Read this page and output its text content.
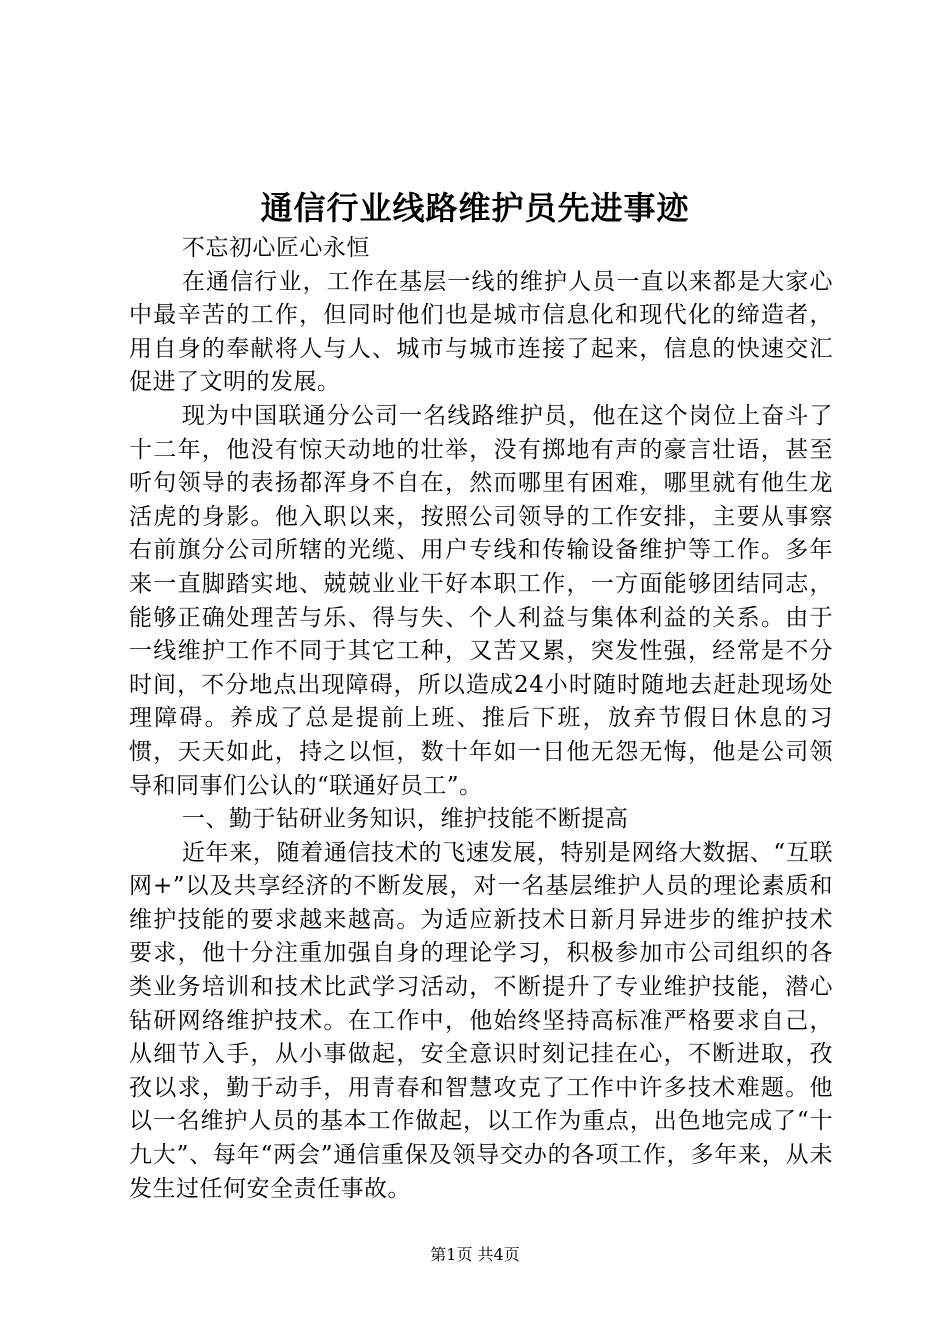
通信行业线路维护员先进事迹

不忘初心匠心永恒

在通信行业，工作在基层一线的维护人员一直以来都是大家心中最辛苦的工作，但同时他们也是城市信息化和现代化的缔造者，用自身的奉献将人与人、城市与城市连接了起来，信息的快速交汇促进了文明的发展。

现为中国联通分公司一名线路维护员，他在这个岗位上奋斗了十二年，他没有惊天动地的壮举，没有掷地有声的豪言壮语，甚至听句领导的表扬都浑身不自在，然而哪里有困难，哪里就有他生龙活虎的身影。他入职以来，按照公司领导的工作安排，主要从事察右前旗分公司所辖的光缆、用户专线和传输设备维护等工作。多年来一直脚踏实地、兢兢业业干好本职工作，一方面能够团结同志，能够正确处理苦与乐、得与失、个人利益与集体利益的关系。由于一线维护工作不同于其它工种，又苦又累，突发性强，经常是不分时间，不分地点出现障碍，所以造成24小时随时随地去赶赴现场处理障碍。养成了总是提前上班、推后下班，放弃节假日休息的习惯，天天如此，持之以恒，数十年如一日他无怨无悔，他是公司领导和同事们公认的“联通好员工”。

一、勤于钻研业务知识，维护技能不断提高

近年来，随着通信技术的飞速发展，特别是网络大数据、“互联网+”以及共享经济的不断发展，对一名基层维护人员的理论素质和维护技能的要求越来越高。为适应新技术日新月异进步的维护技术要求，他十分注重加强自身的理论学习，积极参加市公司组织的各类业务培训和技术比武学习活动，不断提升了专业维护技能，潜心钻研网络维护技术。在工作中，他始终坚持高标准严格要求自己，从细节入手，从小事做起，安全意识时刻记挂在心，不断进取，孜孜以求，勤于动手，用青春和智慧攻克了工作中许多技术难题。他以一名维护人员的基本工作做起，以工作为重点，出色地完成了“十九大”、每年“两会”通信重保及领导交办的各项工作，多年来，从未发生过任何安全责任事故。

第1页 共4页
